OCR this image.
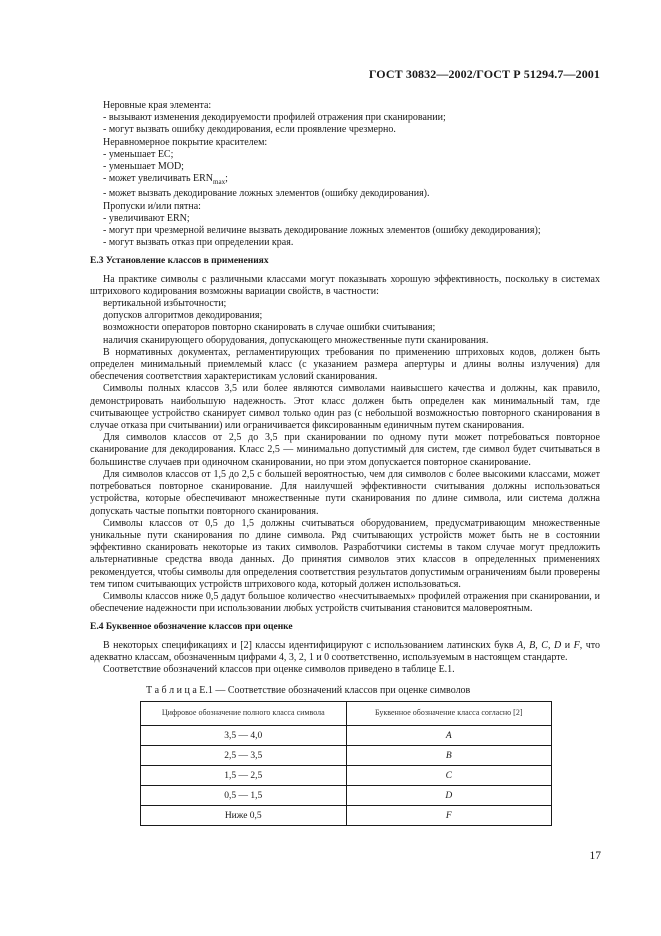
ГОСТ 30832—2002/ГОСТ Р 51294.7—2001

Неровные края элемента:

- вызывают изменения декодируемости профилей отражения при сканировании;

- могут вызвать ошибку декодирования, если проявление чрезмерно.

Неравномерное покрытие красителем:

- уменьшает EC;

- уменьшает MOD;

- может увеличивать $ERN_{max}$;

- может вызвать декодирование ложных элементов (ошибку декодирования).

Пропуски и/или пятна:

- увеличивают ERN;

- могут при чрезмерной величине вызвать декодирование ложных элементов (ошибку декодирования);

- могут вызвать отказ при определении края.

Е.3 Установление классов в применениях

На практике символы с различными классами могут показывать хорошую эффективность, поскольку в системах штрихового кодирования возможны вариации свойств, в частности:

вертикальной избыточности;

допусков алгоритмов декодирования;

возможности операторов повторно сканировать в случае ошибки считывания;

наличия сканирующего оборудования, допускающего множественные пути сканирования.

В нормативных документах, регламентирующих требования по применению штриховых кодов, должен быть определен минимальный приемлемый класс (с указанием размера апертуры и длины волны излучения) для обеспечения соответствия характеристикам условий сканирования.

Символы полных классов 3,5 или более являются символами наивысшего качества и должны, как правило, демонстрировать наибольшую надежность. Этот класс должен быть определен как минимальный там, где считывающее устройство сканирует символ только один раз (с небольшой возможностью повторного сканирования в случае отказа при считывании) или ограничивается фиксированным единичным путем сканирования.

Для символов классов от 2,5 до 3,5 при сканировании по одному пути может потребоваться повторное сканирование для декодирования. Класс 2,5 — минимально допустимый для систем, где символ будет считываться в большинстве случаев при одиночном сканировании, но при этом допускается повторное сканирование.

Для символов классов от 1,5 до 2,5 с большей вероятностью, чем для символов с более высокими классами, может потребоваться повторное сканирование. Для наилучшей эффективности считывания должны использоваться устройства, которые обеспечивают множественные пути сканирования по длине символа, или система должна допускать частые попытки повторного сканирования.

Символы классов от 0,5 до 1,5 должны считываться оборудованием, предусматривающим множественные уникальные пути сканирования по длине символа. Ряд считывающих устройств может быть не в состоянии эффективно сканировать некоторые из таких символов. Разработчики системы в таком случае могут предложить альтернативные средства ввода данных. До принятия символов этих классов в определенных применениях рекомендуется, чтобы символы для определения соответствия результатов допустимым ограничениям были проверены тем типом считывающих устройств штрихового кода, который должен использоваться.

Символы классов ниже 0,5 дадут большое количество «несчитываемых» профилей отражения при сканировании, и обеспечение надежности при использовании любых устройств считывания становится маловероятным.

Е.4 Буквенное обозначение классов при оценке

В некоторых спецификациях и [2] классы идентифицируют с использованием латинских букв A, B, C, D и F, что адекватно классам, обозначенным цифрами 4, 3, 2, 1 и 0 соответственно, используемым в настоящем стандарте.

Соответствие обозначений классов при оценке символов приведено в таблице Е.1.

Т а б л и ц а Е.1 — Соответствие обозначений классов при оценке символов

Цифровое обозначение полного класса символа	Буквенное обозначение класса согласно [2]
3,5 — 4,0	A
2,5 — 3,5	B
1,5 — 2,5	C
0,5 — 1,5	D
Ниже 0,5	F
17
